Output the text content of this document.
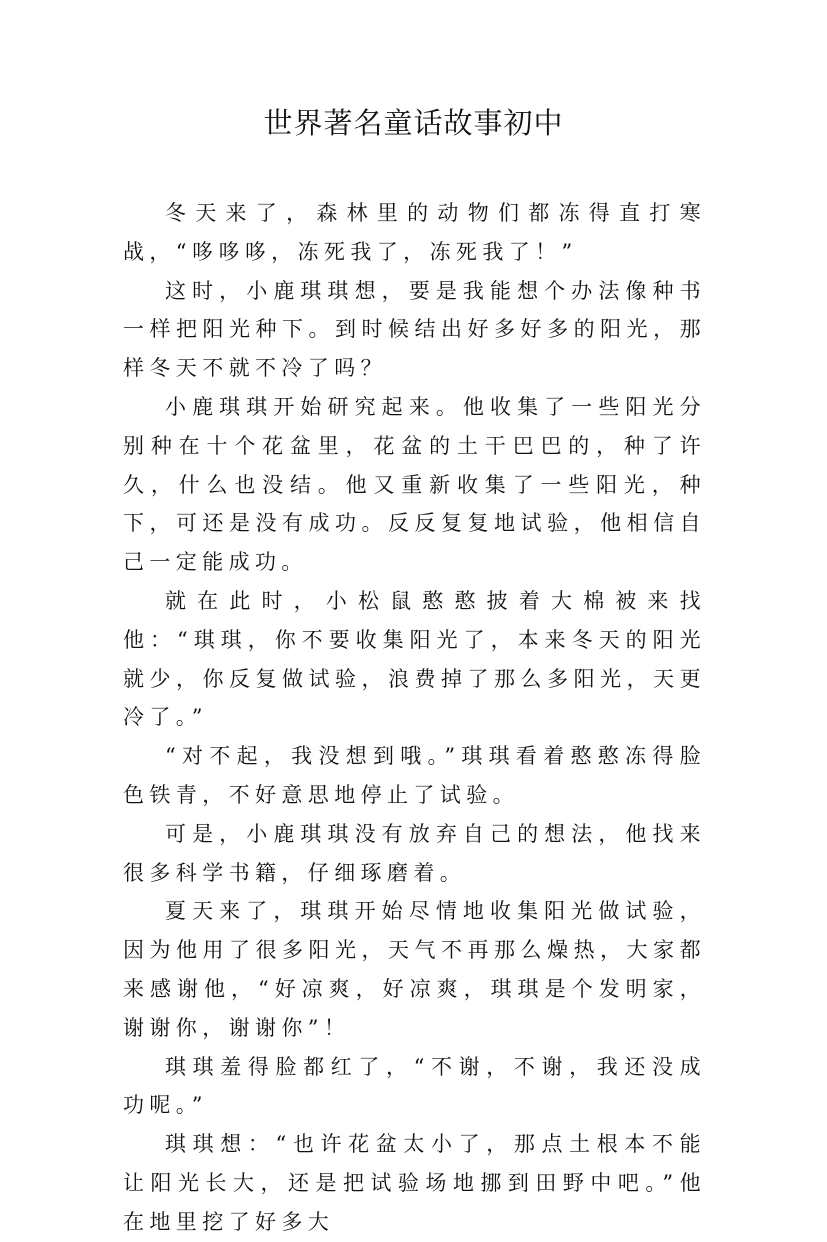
世界著名童话故事初中

冬天来了，森林里的动物们都冻得直打寒战，“哆哆哆，冻死我了，冻死我了！”

这时，小鹿琪琪想，要是我能想个办法像种书一样把阳光种下。到时候结出好多好多的阳光，那样冬天不就不冷了吗？

小鹿琪琪开始研究起来。他收集了一些阳光分别种在十个花盆里，花盆的土干巴巴的，种了许久，什么也没结。他又重新收集了一些阳光，种下，可还是没有成功。反反复复地试验，他相信自己一定能成功。

就在此时，小松鼠憨憨披着大棉被来找他：“琪琪，你不要收集阳光了，本来冬天的阳光就少，你反复做试验，浪费掉了那么多阳光，天更冷了。”

“对不起，我没想到哦。”琪琪看着憨憨冻得脸色铁青，不好意思地停止了试验。

可是，小鹿琪琪没有放弃自己的想法，他找来很多科学书籍，仔细琢磨着。

夏天来了，琪琪开始尽情地收集阳光做试验，因为他用了很多阳光，天气不再那么燥热，大家都来感谢他，“好凉爽，好凉爽，琪琪是个发明家，谢谢你，谢谢你”！

琪琪羞得脸都红了，“不谢，不谢，我还没成功呢。”

琪琪想：“也许花盆太小了，那点土根本不能让阳光长大，还是把试验场地挪到田野中吧。”他在地里挖了好多大
